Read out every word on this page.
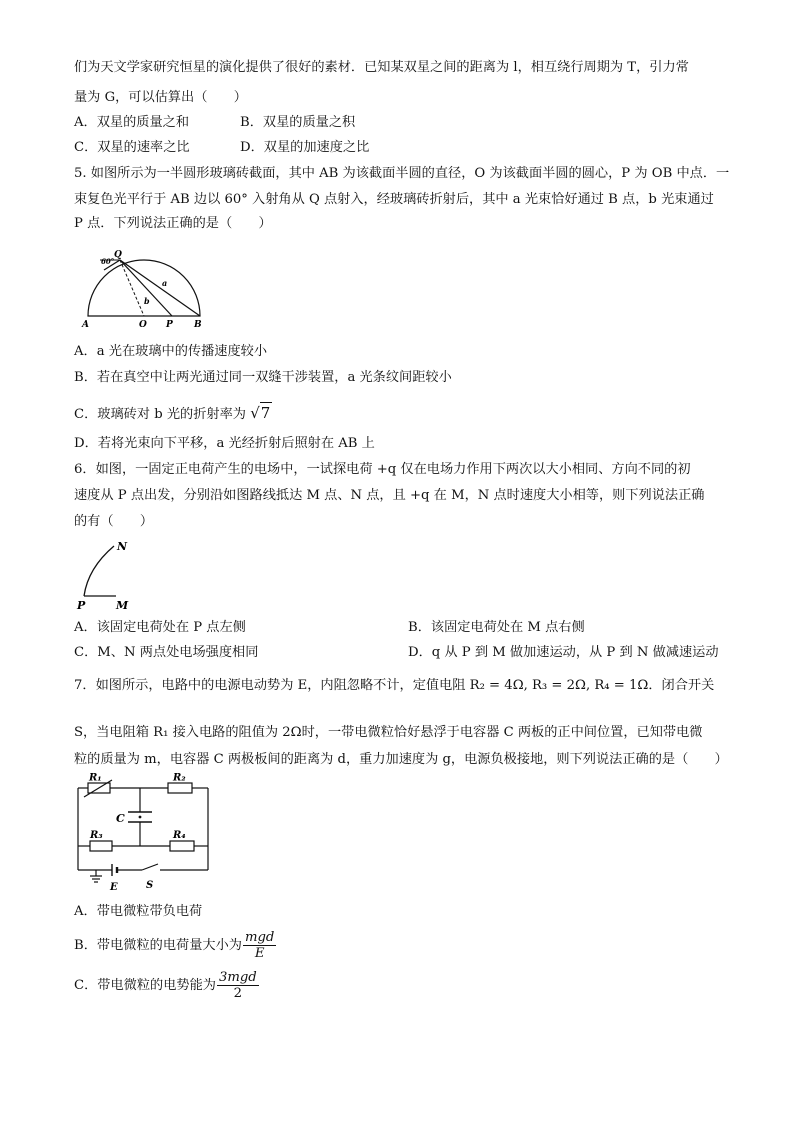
们为天文学家研究恒星的演化提供了很好的素材．已知某双星之间的距离为 l，相互绕行周期为 T，引力常
量为 G，可以估算出（　　）
A．双星的质量之和	B．双星的质量之积
C．双星的速率之比	D．双星的加速度之比
5. 如图所示为一半圆形玻璃砖截面，其中 AB 为该截面半圆的直径，O 为该截面半圆的圆心，P 为 OB 中点．一
束复色光平行于 AB 边以 60° 入射角从 Q 点射入，经玻璃砖折射后，其中 a 光束恰好通过 B 点，b 光束通过
P 点．下列说法正确的是（　　）
60°
Q
a
b
A	O P B
A．a 光在玻璃中的传播速度较小
B．若在真空中让两光通过同一双缝干涉装置，a 光条纹间距较小
C．玻璃砖对 b 光的折射率为 √7
D．若将光束向下平移，a 光经折射后照射在 AB 上
6．如图，一固定正电荷产生的电场中，一试探电荷 +q 仅在电场力作用下两次以大小相同、方向不同的初
速度从 P 点出发，分别沿如图路线抵达 M 点、N 点，且 +q 在 M，N 点时速度大小相等，则下列说法正确
的有（　　）
N
P	M
A．该固定电荷处在 P 点左侧	B．该固定电荷处在 M 点右侧
C．M、N 两点处电场强度相同	D．q 从 P 到 M 做加速运动，从 P 到 N 做减速运动
7．如图所示，电路中的电源电动势为 E，内阻忽略不计，定值电阻 R₂ = 4Ω, R₃ = 2Ω, R₄ = 1Ω．闭合开关
S，当电阻箱 R₁ 接入电路的阻值为 2Ω时，一带电微粒恰好悬浮于电容器 C 两板的正中间位置，已知带电微
粒的质量为 m，电容器 C 两极板间的距离为 d，重力加速度为 g，电源负极接地，则下列说法正确的是（　　）
R₁	R₂
R₃	R₄
C
E	S
A．带电微粒带负电荷
B．带电微粒的电荷量大小为 $\frac{\text{mgd}}{E}$
C．带电微粒的电势能为 $\frac{\text{3mgd}}{2}$
